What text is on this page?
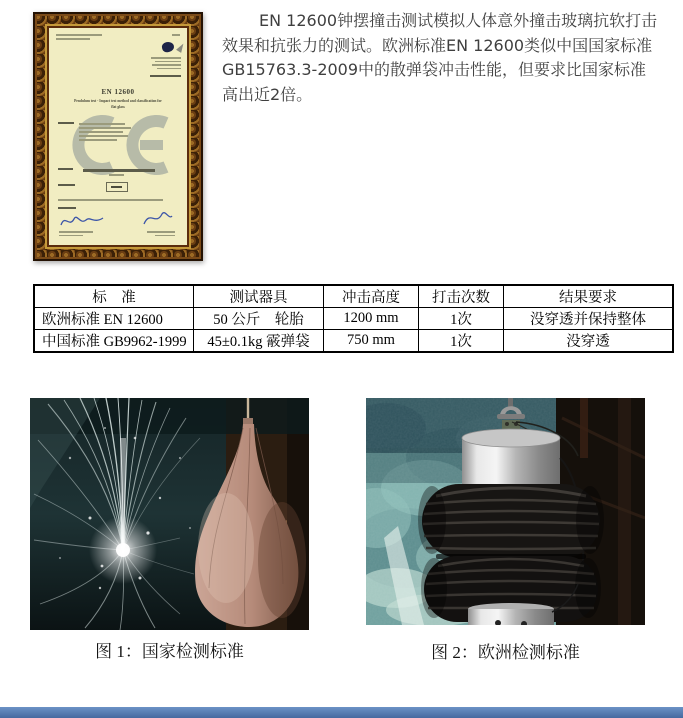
EN 12600
Pendulum test - Impact test method and classification for
flat glass
EN 12600钟摆撞击测试模拟人体意外撞击玻璃抗软打击
效果和抗张力的测试。欧洲标准EN 12600类似中国国家标准
GB15763.3-2009中的散弹袋冲击性能，但要求比国家标准
高出近2倍。
标　准	测试器具	冲击高度	打击次数	结果要求
欧洲标准 EN 12600	50 公斤　轮胎	1200 mm	1次	没穿透并保持整体
中国标准 GB9962-1999	45±0.1kg 霰弹袋	750 mm	1次	没穿透
图 1：国家检测标准	图 2：欧洲检测标准
